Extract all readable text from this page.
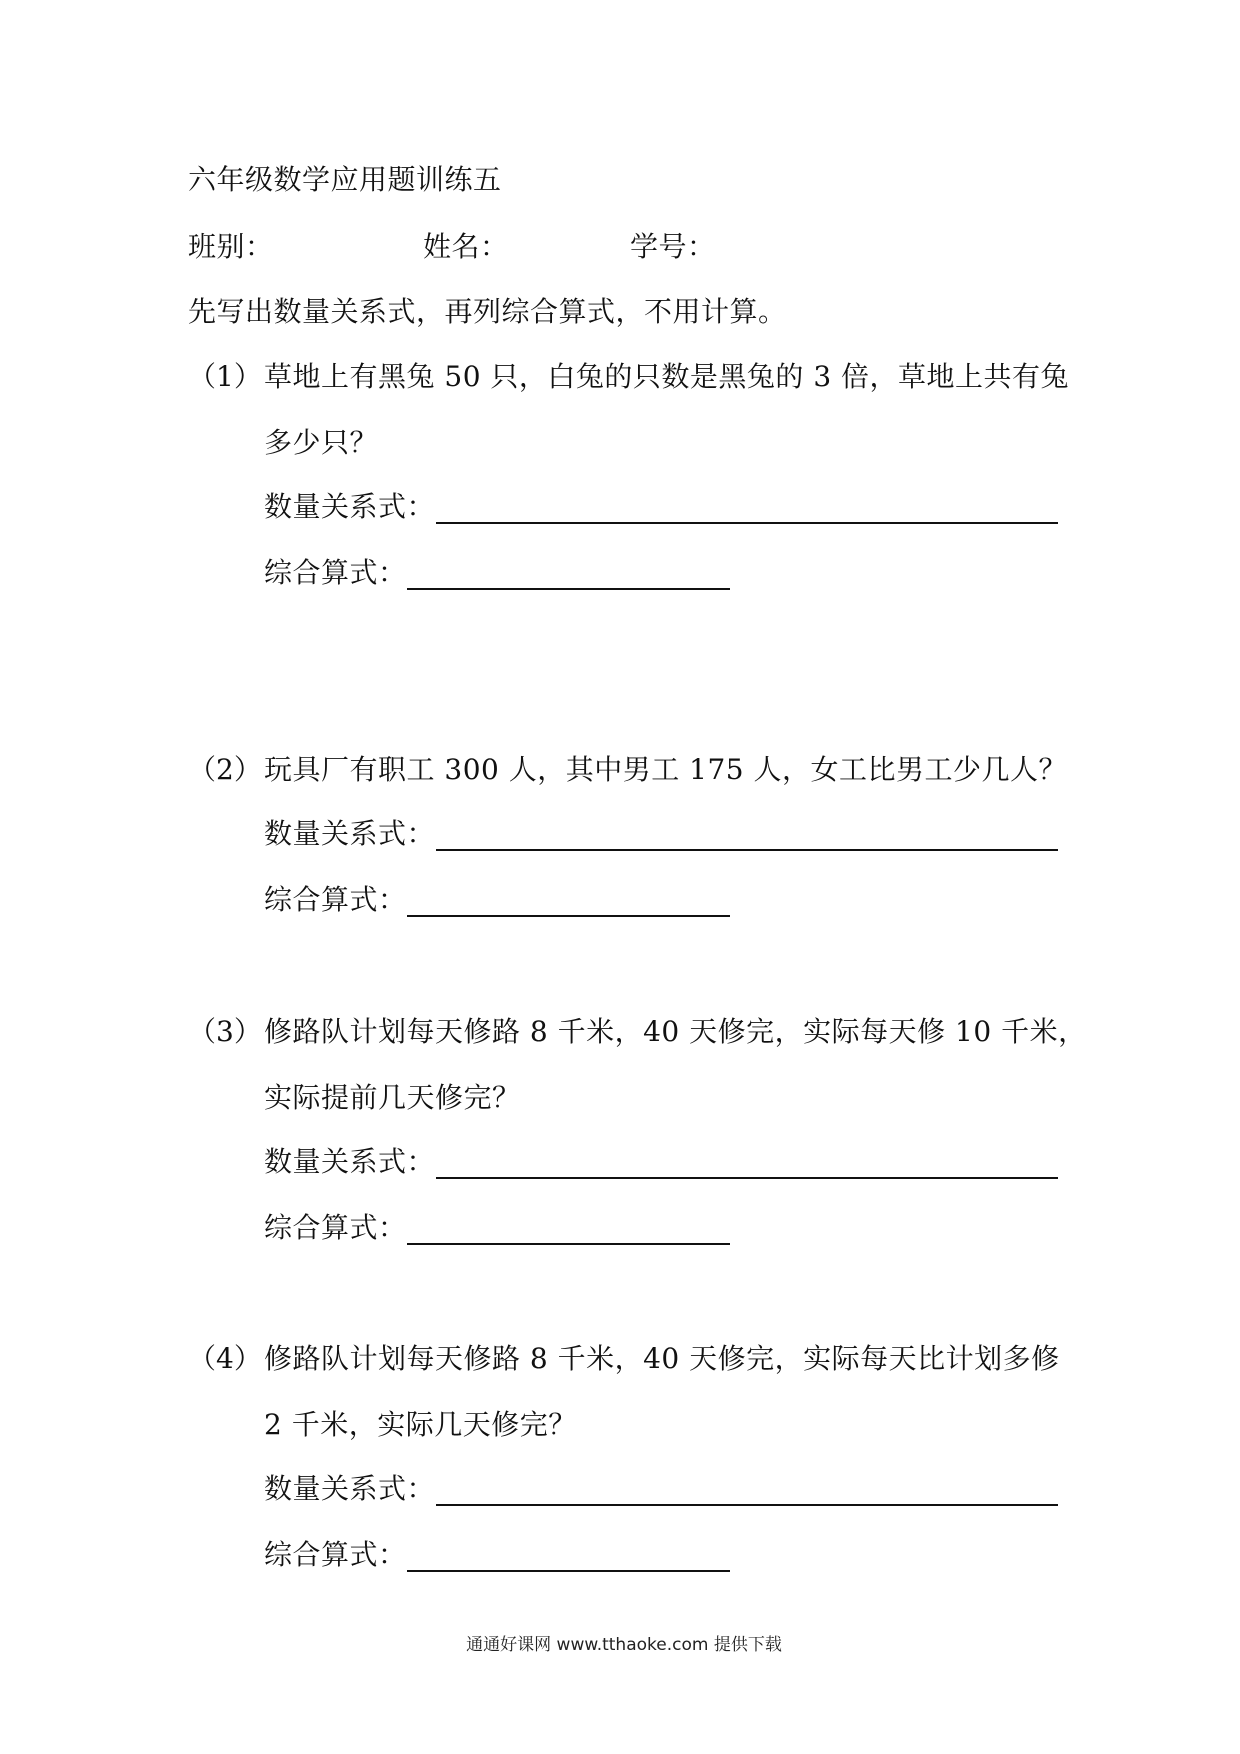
六年级数学应用题训练五
班别：	姓名：	学号：
先写出数量关系式，再列综合算式，不用计算。
（1） 草地上有黑兔 50 只，白兔的只数是黑兔的 3 倍，草地上共有兔
多少只？
数量关系式：
综合算式：
（2） 玩具厂有职工 300 人，其中男工 175 人，女工比男工少几人？
数量关系式：
综合算式：
（3） 修路队计划每天修路 8 千米，40 天修完，实际每天修 10 千米，
实际提前几天修完？
数量关系式：
综合算式：
（4） 修路队计划每天修路 8 千米，40 天修完，实际每天比计划多修
2 千米，实际几天修完？
数量关系式：
综合算式：
通通好课网 www.tthaoke.com 提供下载
